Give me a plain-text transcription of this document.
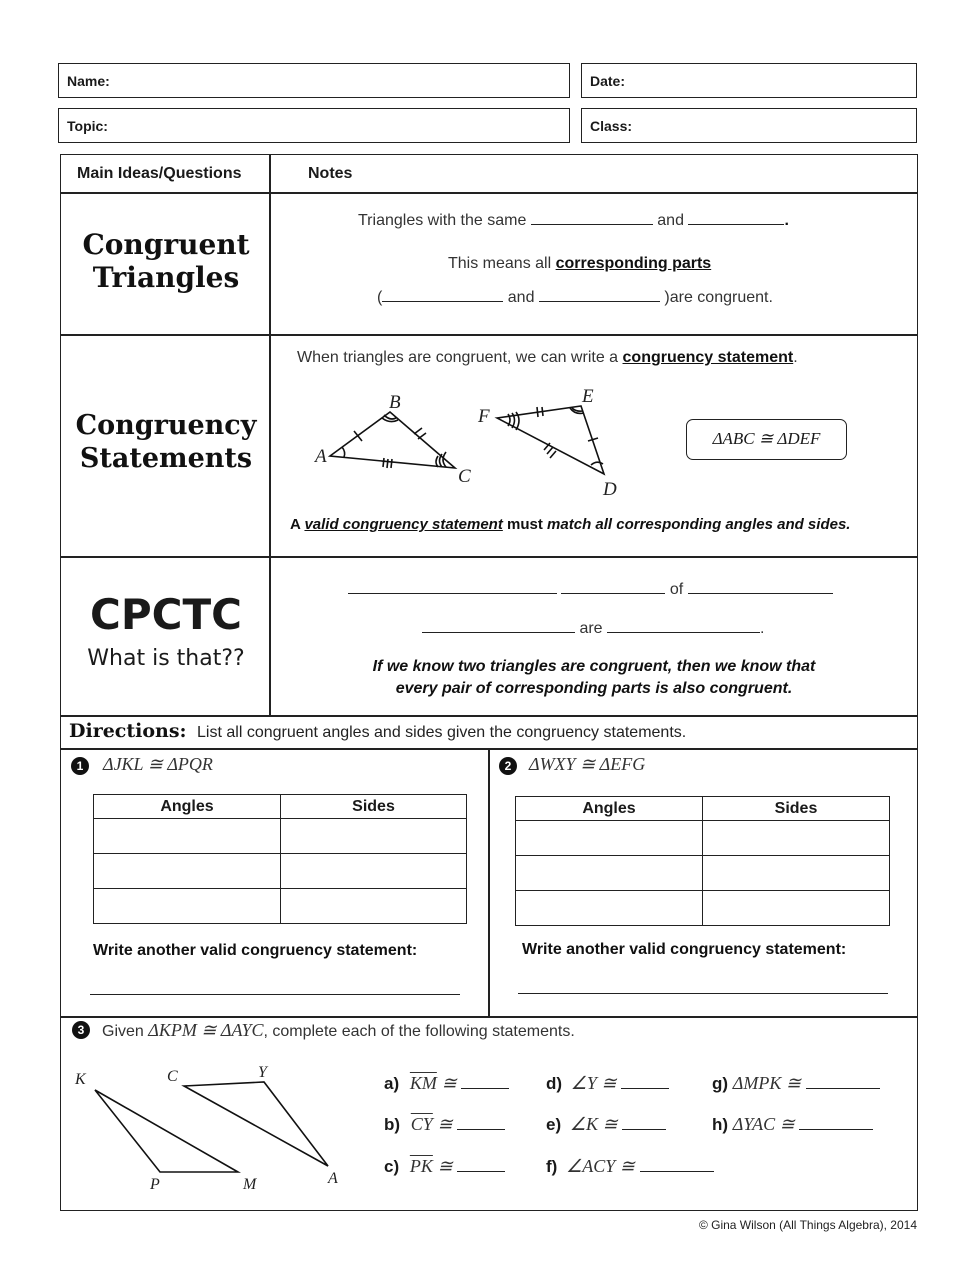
Name:	Date:
Topic:	Class:
Main Ideas/Questions	Notes
Congruent
Triangles
Triangles with the same	and	.
This means all corresponding parts
(	and	)are congruent.
Congruency
Statements
When triangles are congruent, we can write a congruency statement.
B
A
C
F
E
D
ΔABC ≅ ΔDEF
A valid congruency statement must match all corresponding angles and sides.
CPCTC
What is that??
of
are	.
If we know two triangles are congruent, then we know that
every pair of corresponding parts is also congruent.
Directions: List all congruent angles and sides given the congruency statements.
1	ΔJKL ≅ ΔPQR
Angles	Sides

Write another valid congruency statement:
2 ΔWXY ≅ ΔEFG
Angles	Sides

Write another valid congruency statement:
3	Given ΔKPM ≅ ΔAYC, complete each of the following statements.
K	C	Y
P	M	A
a) $\overline{KM}$ ≅
b) $\overline{CY}$ ≅
c) $\overline{PK}$ ≅
d) ∠Y ≅
e) ∠K ≅
f) ∠ACY ≅
g) ΔMPK ≅
h) ΔYAC ≅
© Gina Wilson (All Things Algebra), 2014
